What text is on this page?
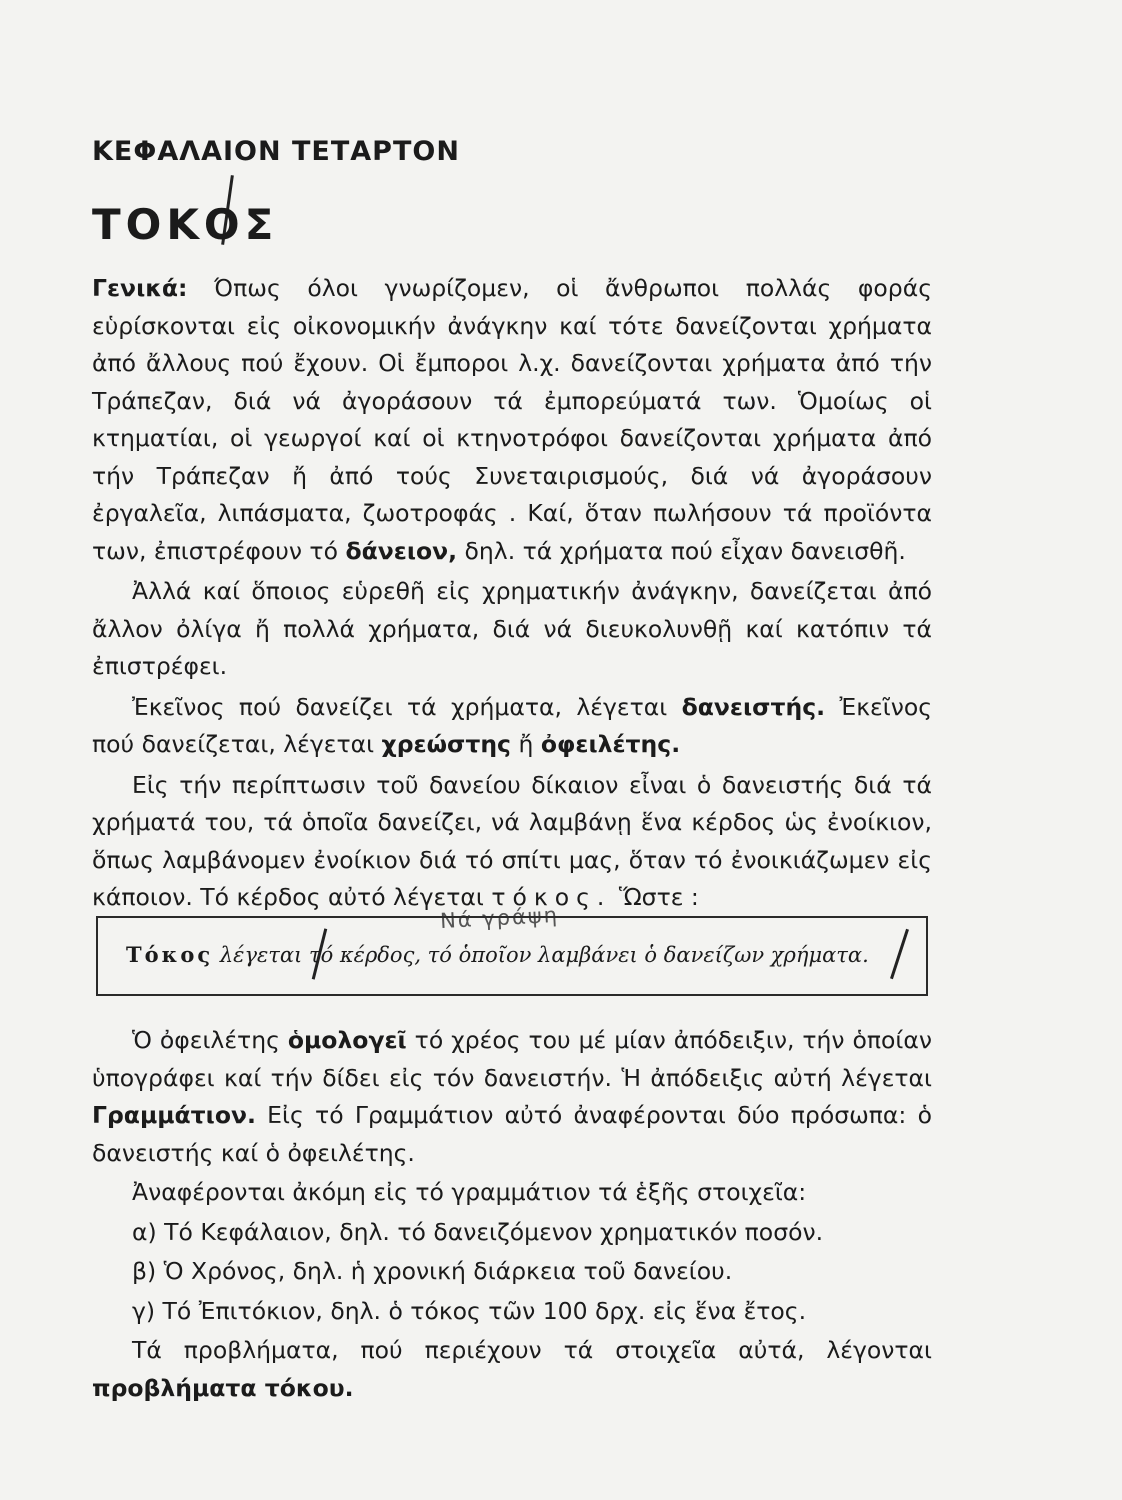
ΚΕΦΑΛΑΙΟΝ ΤΕΤΑΡΤΟΝ
ΤΟΚΟΣ

Γενικά: Όπως όλοι γνωρίζομεν, οἱ ἄνθρωποι πολλάς φοράς εὑρίσκονται εἰς οἰκονομικήν ἀνάγκην καί τότε δανείζονται χρήματα ἀπό ἄλλους πού ἔχουν. Οἱ ἔμποροι λ.χ. δανείζονται χρήματα ἀπό τήν Τράπεζαν, διά νά ἀγοράσουν τά ἐμπορεύματά των. Ὁμοίως οἱ κτηματίαι, οἱ γεωργοί καί οἱ κτηνοτρόφοι δανείζονται χρήματα ἀπό τήν Τράπεζαν ἤ ἀπό τούς Συνεταιρισμούς, διά νά ἀγοράσουν ἐργαλεῖα, λιπάσματα, ζωοτροφάς . Καί, ὅταν πωλήσουν τά προϊόντα των, ἐπιστρέφουν τό δάνειον, δηλ. τά χρήματα πού εἶχαν δανεισθῆ.

Ἀλλά καί ὅποιος εὑρεθῆ εἰς χρηματικήν ἀνάγκην, δανείζεται ἀπό ἄλλον ὀλίγα ἤ πολλά χρήματα, διά νά διευκολυνθῇ καί κατόπιν τά ἐπιστρέφει.

Ἐκεῖνος πού δανείζει τά χρήματα, λέγεται δανειστής. Ἐκεῖνος πού δανείζεται, λέγεται χρεώστης ἤ ὀφειλέτης.

Εἰς τήν περίπτωσιν τοῦ δανείου δίκαιον εἶναι ὁ δανειστής διά τά χρήματά του, τά ὁποῖα δανείζει, νά λαμβάνῃ ἕνα κέρδος ὡς ἐνοίκιον, ὅπως λαμβάνομεν ἐνοίκιον διά τό σπίτι μας, ὅταν τό ἐνοικιάζωμεν εἰς κάποιον. Τό κέρδος αὐτό λέγεται τόκος. Ὥστε :

Νά γράψη
Τόκος λέγεται τό κέρδος, τό ὁποῖον λαμβάνει ὁ δανείζων χρήματα.

Ὁ ὀφειλέτης ὁμολογεῖ τό χρέος του μέ μίαν ἀπόδειξιν, τήν ὁποίαν ὑπογράφει καί τήν δίδει εἰς τόν δανειστήν. Ἡ ἀπόδειξις αὐτή λέγεται Γραμμάτιον. Εἰς τό Γραμμάτιον αὐτό ἀναφέρονται δύο πρόσωπα: ὁ δανειστής καί ὁ ὀφειλέτης.

Ἀναφέρονται ἀκόμη εἰς τό γραμμάτιον τά ἑξῆς στοιχεῖα:

α) Τό Κεφάλαιον, δηλ. τό δανειζόμενον χρηματικόν ποσόν.

β) Ὁ Χρόνος, δηλ. ἡ χρονική διάρκεια τοῦ δανείου.

γ) Τό Ἐπιτόκιον, δηλ. ὁ τόκος τῶν 100 δρχ. εἰς ἕνα ἔτος.

Τά προβλήματα, πού περιέχουν τά στοιχεῖα αὐτά, λέγονται προβλήματα τόκου.
